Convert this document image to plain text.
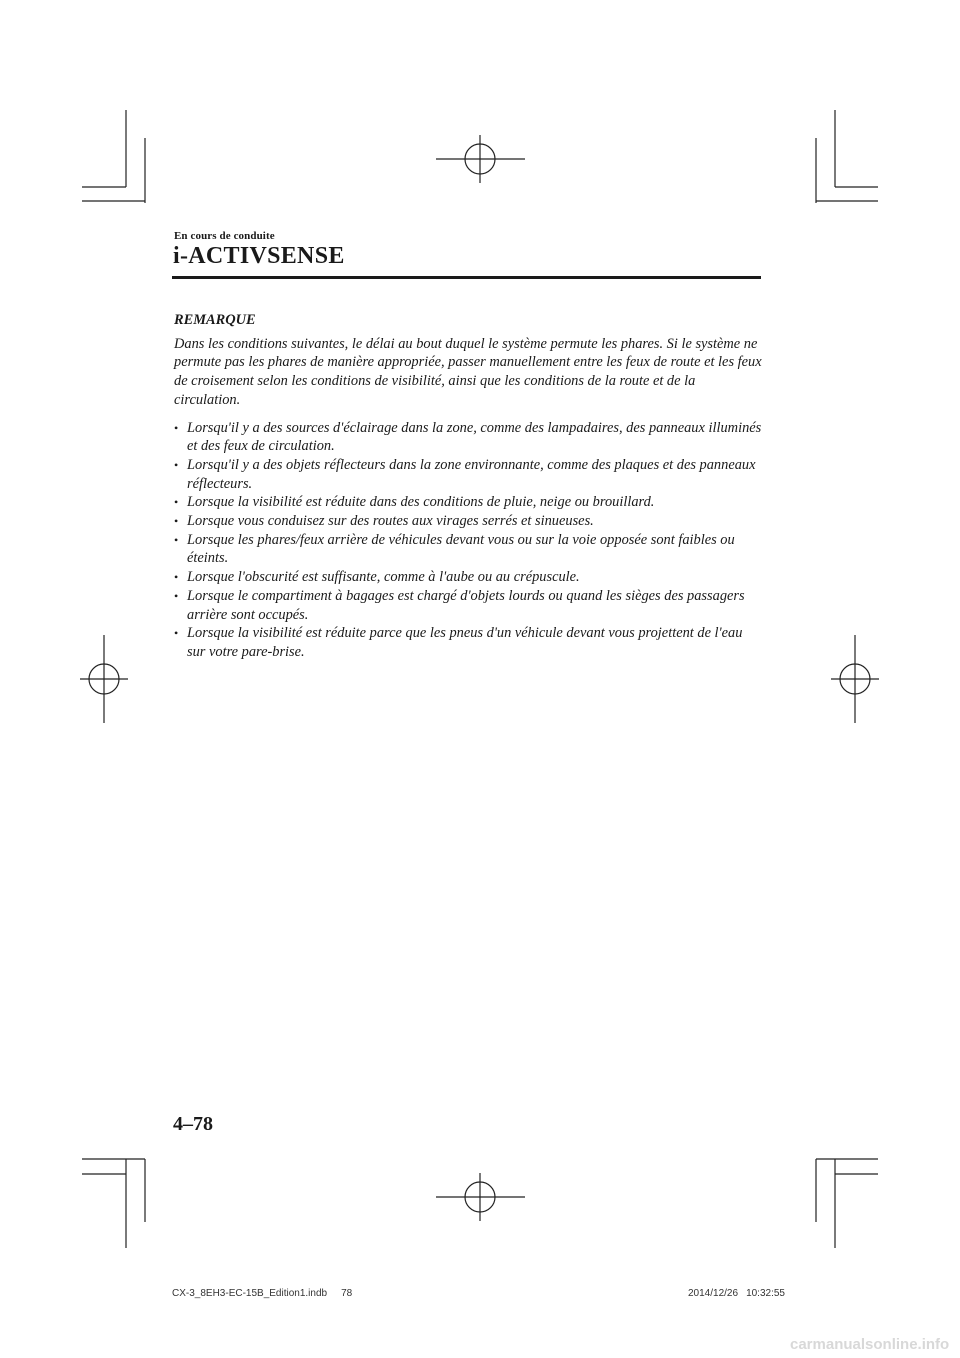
En cours de conduite
i-ACTIVSENSE
REMARQUE

Dans les conditions suivantes, le délai au bout duquel le système permute les phares. Si le système ne permute pas les phares de manière appropriée, passer manuellement entre les feux de route et les feux de croisement selon les conditions de visibilité, ainsi que les conditions de la route et de la circulation.

• Lorsqu'il y a des sources d'éclairage dans la zone, comme des lampadaires, des panneaux illuminés et des feux de circulation.
• Lorsqu'il y a des objets réflecteurs dans la zone environnante, comme des plaques et des panneaux réflecteurs.
• Lorsque la visibilité est réduite dans des conditions de pluie, neige ou brouillard.
• Lorsque vous conduisez sur des routes aux virages serrés et sinueuses.
• Lorsque les phares/feux arrière de véhicules devant vous ou sur la voie opposée sont faibles ou éteints.
• Lorsque l'obscurité est suffisante, comme à l'aube ou au crépuscule.
• Lorsque le compartiment à bagages est chargé d'objets lourds ou quand les sièges des passagers arrière sont occupés.
• Lorsque la visibilité est réduite parce que les pneus d'un véhicule devant vous projettent de l'eau sur votre pare-brise.
4–78
CX-3_8EH3-EC-15B_Edition1.indb 78	2014/12/26 10:32:55
carmanualsonline.info
